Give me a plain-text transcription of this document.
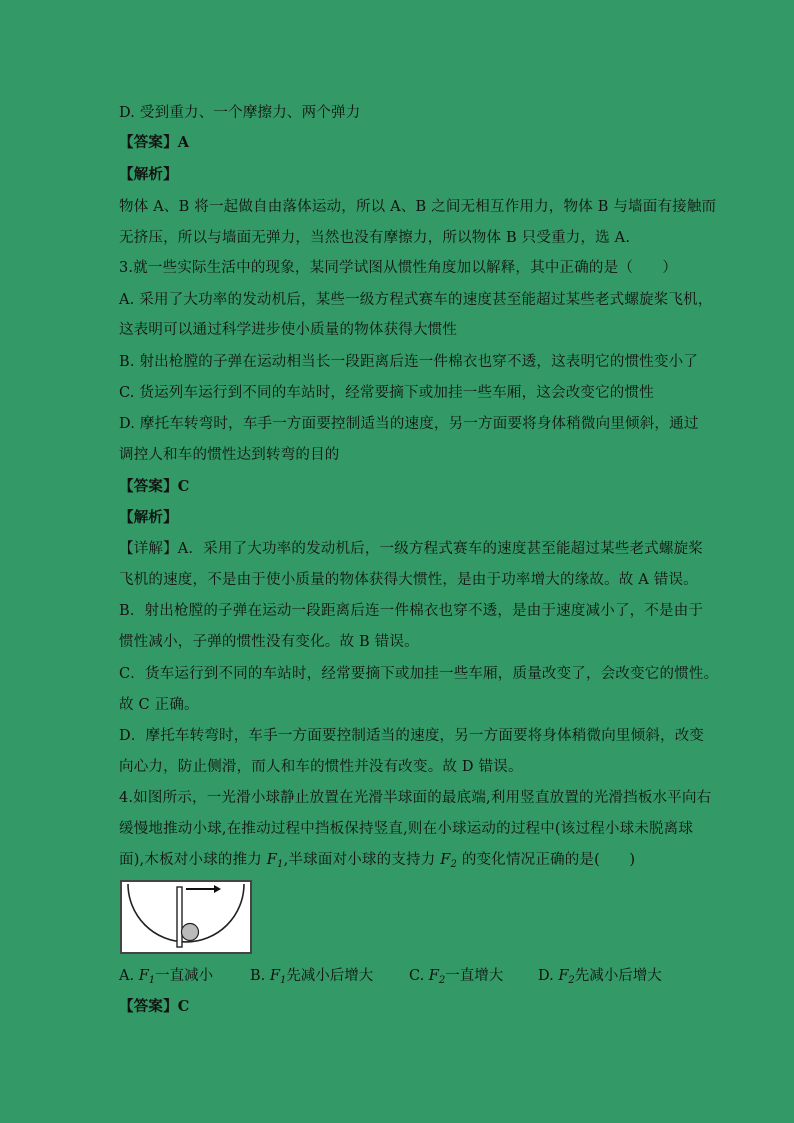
D. 受到重力、一个摩擦力、两个弹力
【答案】A
【解析】
物体 A、B 将一起做自由落体运动，所以 A、B 之间无相互作用力，物体 B 与墙面有接触而
无挤压，所以与墙面无弹力，当然也没有摩擦力，所以物体 B 只受重力，选 A.
3.就一些实际生活中的现象，某同学试图从惯性角度加以解释，其中正确的是（　　）
A. 采用了大功率的发动机后，某些一级方程式赛车的速度甚至能超过某些老式螺旋桨飞机，
这表明可以通过科学进步使小质量的物体获得大惯性
B. 射出枪膛的子弹在运动相当长一段距离后连一件棉衣也穿不透，这表明它的惯性变小了
C. 货运列车运行到不同的车站时，经常要摘下或加挂一些车厢，这会改变它的惯性
D. 摩托车转弯时，车手一方面要控制适当的速度，另一方面要将身体稍微向里倾斜，通过
调控人和车的惯性达到转弯的目的
【答案】C
【解析】
【详解】A．采用了大功率的发动机后，一级方程式赛车的速度甚至能超过某些老式螺旋桨
飞机的速度，不是由于使小质量的物体获得大惯性，是由于功率增大的缘故。故 A 错误。
B．射出枪膛的子弹在运动一段距离后连一件棉衣也穿不透，是由于速度减小了，不是由于
惯性减小，子弹的惯性没有变化。故 B 错误。
C．货车运行到不同的车站时，经常要摘下或加挂一些车厢，质量改变了，会改变它的惯性。
故 C 正确。
D．摩托车转弯时，车手一方面要控制适当的速度，另一方面要将身体稍微向里倾斜，改变
向心力，防止侧滑，而人和车的惯性并没有改变。故 D 错误。
4.如图所示，一光滑小球静止放置在光滑半球面的最底端,利用竖直放置的光滑挡板水平向右
缓慢地推动小球,在推动过程中挡板保持竖直,则在小球运动的过程中(该过程小球未脱离球
面),木板对小球的推力 $F_1$,半球面对小球的支持力 $F_2$ 的变化情况正确的是(　　)
A. $F_1$一直减小	B. $F_1$先减小后增大 C. $F_2$一直增大 D. $F_2$先减小后增大
【答案】C
